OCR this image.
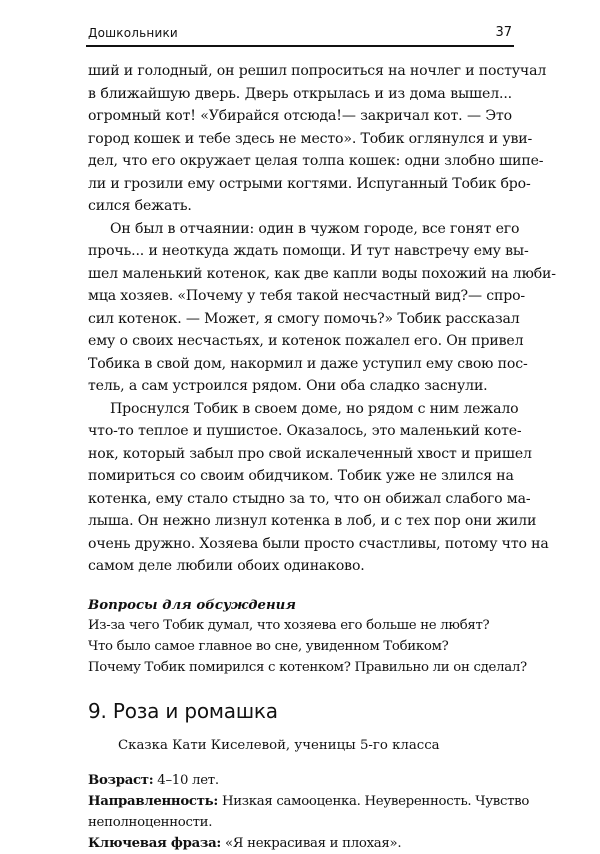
Дошкольники	37

ший и голодный, он решил попроситься на ночлег и постучал

в ближайшую дверь. Дверь открылась и из дома вышел...

огромный кот! «Убирайся отсюда!— закричал кот. — Это

город кошек и тебе здесь не место». Тобик оглянулся и уви-

дел, что его окружает целая толпа кошек: одни злобно шипе-

ли и грозили ему острыми когтями. Испуганный Тобик бро-

сился бежать.

Он был в отчаянии: один в чужом городе, все гонят его

прочь... и неоткуда ждать помощи. И тут навстречу ему вы-

шел маленький котенок, как две капли воды похожий на люби-

мца хозяев. «Почему у тебя такой несчастный вид?— спро-

сил котенок. — Может, я смогу помочь?» Тобик рассказал

ему о своих несчастьях, и котенок пожалел его. Он привел

Тобика в свой дом, накормил и даже уступил ему свою пос-

тель, а сам устроился рядом. Они оба сладко заснули.

Проснулся Тобик в своем доме, но рядом с ним лежало

что-то теплое и пушистое. Оказалось, это маленький коте-

нок, который забыл про свой искалеченный хвост и пришел

помириться со своим обидчиком. Тобик уже не злился на

котенка, ему стало стыдно за то, что он обижал слабого ма-

лыша. Он нежно лизнул котенка в лоб, и с тех пор они жили

очень дружно. Хозяева были просто счастливы, потому что на

самом деле любили обоих одинаково.

Вопросы для обсуждения

Из-за чего Тобик думал, что хозяева его больше не любят?

Что было самое главное во сне, увиденном Тобиком?

Почему Тобик помирился с котенком? Правильно ли он сделал?

9. Роза и ромашка

Сказка Кати Киселевой, ученицы 5-го класса

Возраст: 4–10 лет.

Направленность: Низкая самооценка. Неуверенность. Чувство

неполноценности.

Ключевая фраза: «Я некрасивая и плохая».
